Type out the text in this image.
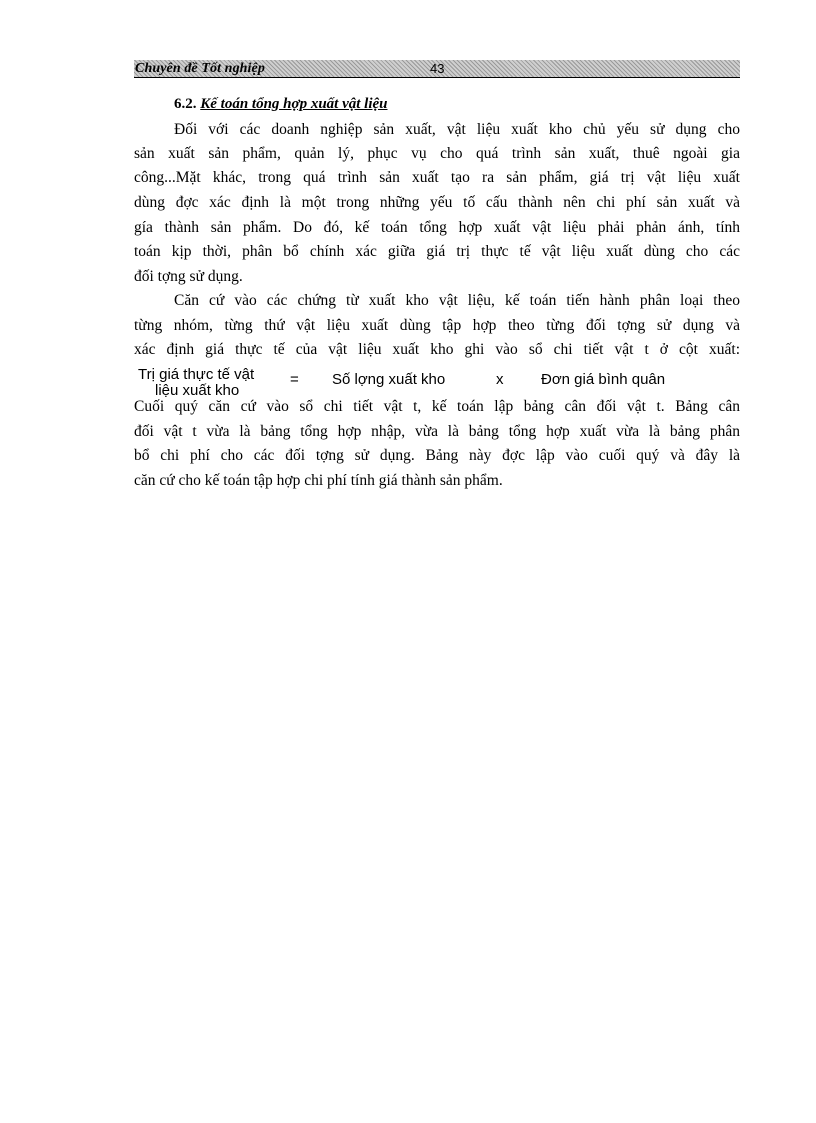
Chuyên đề Tốt nghiệp	43
6.2. Kế toán tổng hợp xuất vật liệu
Đối với các doanh nghiệp sản xuất, vật liệu xuất kho chủ yếu sử dụng cho
sản xuất sản phẩm, quản lý, phục vụ cho quá trình sản xuất, thuê ngoài gia
công...Mặt khác, trong quá trình sản xuất tạo ra sản phẩm, giá trị vật liệu xuất
dùng đợc xác định là một trong những yếu tố cấu thành nên chi phí sản xuất và
gía thành sản phẩm. Do đó, kế toán tổng hợp xuất vật liệu phải phản ánh, tính
toán kịp thời, phân bổ chính xác giữa giá trị thực tế vật liệu xuất dùng cho các
đối tợng sử dụng.
Căn cứ vào các chứng từ xuất kho vật liệu, kế toán tiến hành phân loại theo
từng nhóm, từng thứ vật liệu xuất dùng tập hợp theo từng đối tợng sử dụng và
xác định giá thực tế của vật liệu xuất kho ghi vào sổ chi tiết vật t ở cột xuất:
Trị giá thực tế vật
liệu xuất kho
= Số lợng xuất kho	x	Đơn giá bình quân
Cuối quý căn cứ vào sổ chi tiết vật t, kế toán lập bảng cân đối vật t. Bảng cân
đối vật t vừa là bảng tổng hợp nhập, vừa là bảng tổng hợp xuất vừa là bảng phân
bổ chi phí cho các đối tợng sử dụng. Bảng này đợc lập vào cuối quý và đây là
căn cứ cho kế toán tập hợp chi phí tính giá thành sản phẩm.
